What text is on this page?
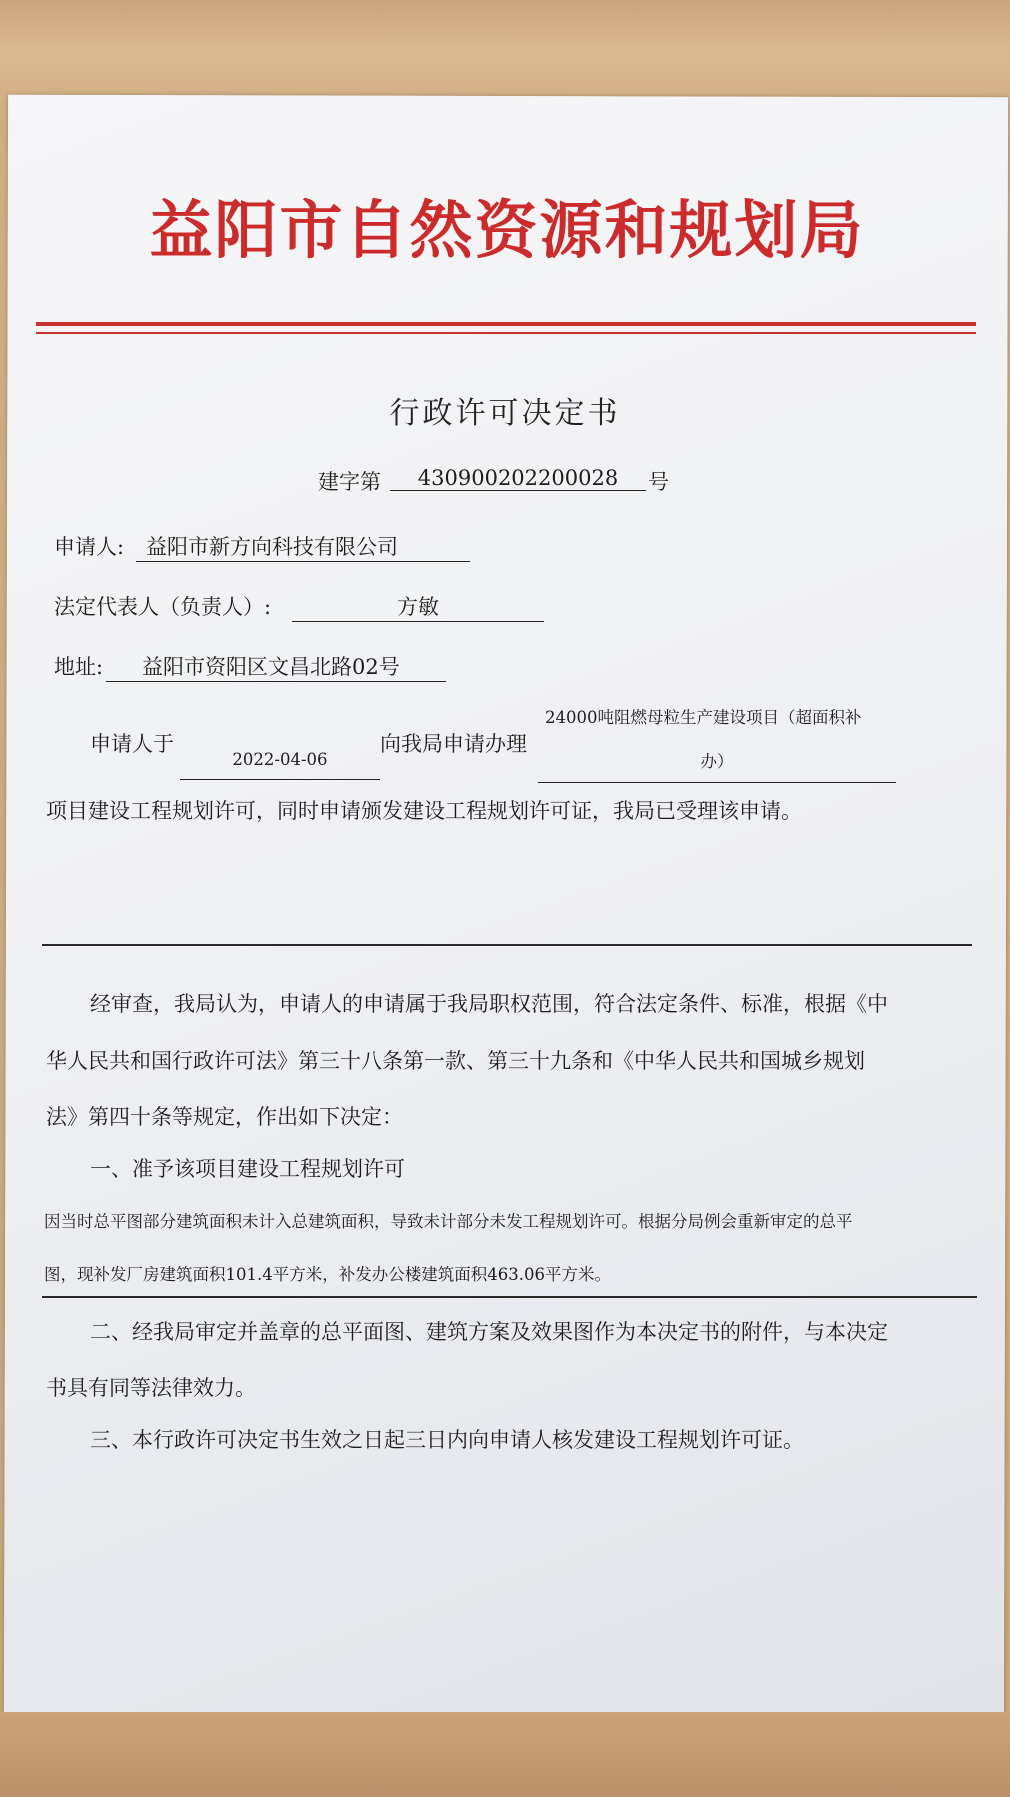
益阳市自然资源和规划局
行政许可决定书
建字第	430900202200028	号
申请人:	益阳市新方向科技有限公司
法定代表人（负责人）:	方敏
地址:	益阳市资阳区文昌北路02号
申请人于
2022-04-06
向我局申请办理
24000吨阻燃母粒生产建设项目（超面积补
办）
项目建设工程规划许可，同时申请颁发建设工程规划许可证，我局已受理该申请。
经审查，我局认为，申请人的申请属于我局职权范围，符合法定条件、标准，根据《中
华人民共和国行政许可法》第三十八条第一款、第三十九条和《中华人民共和国城乡规划
法》第四十条等规定，作出如下决定：
一、准予该项目建设工程规划许可
因当时总平图部分建筑面积未计入总建筑面积，导致未计部分未发工程规划许可。根据分局例会重新审定的总平
图，现补发厂房建筑面积101.4平方米，补发办公楼建筑面积463.06平方米。
二、经我局审定并盖章的总平面图、建筑方案及效果图作为本决定书的附件，与本决定
书具有同等法律效力。
三、本行政许可决定书生效之日起三日内向申请人核发建设工程规划许可证。
